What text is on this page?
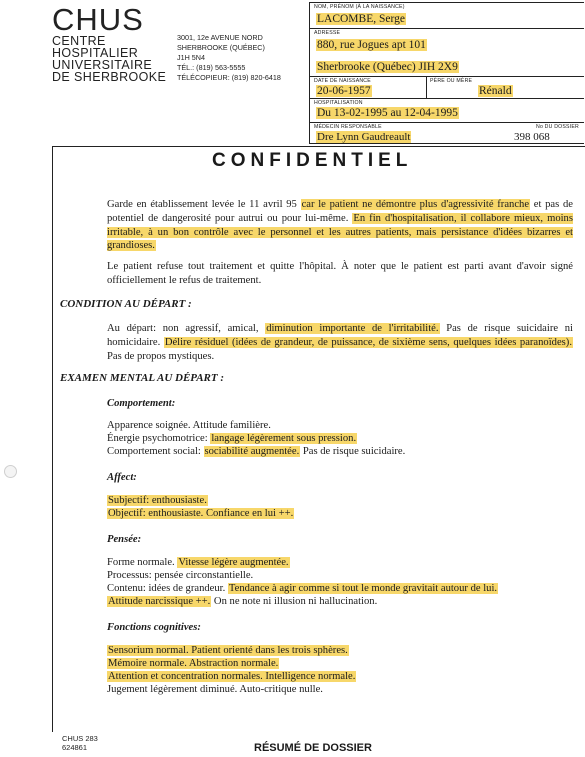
CHUS
CENTRE
HOSPITALIER
UNIVERSITAIRE
DE SHERBROOKE
3001, 12e AVENUE NORD
SHERBROOKE (QUÉBEC)
J1H 5N4
TÉL.: (819) 563-5555
TÉLÉCOPIEUR: (819) 820-6418
NOM, PRÉNOM (À LA NAISSANCE)
LACOMBE, Serge
ADRESSE
880, rue Jogues apt 101
Sherbrooke (Québec) JIH 2X9
DATE DE NAISSANCE	PÈRE OU MÈRE
20-06-1957	Rénald
HOSPITALISATION
Du 13-02-1995 au 12-04-1995
MÉDECIN RESPONSABLE	No DU DOSSIER
Dre Lynn Gaudreault	398 068
CONFIDENTIEL
Garde en établissement levée le 11 avril 95 car le patient ne démontre plus d'agressivité franche et pas de potentiel de dangerosité pour autrui ou pour lui-même. En fin d'hospitalisation, il collabore mieux, moins irritable, à un bon contrôle avec le personnel et les autres patients, mais persistance d'idées bizarres et grandioses.
Le patient refuse tout traitement et quitte l'hôpital. À noter que le patient est parti avant d'avoir signé officiellement le refus de traitement.
CONDITION AU DÉPART :
Au départ: non agressif, amical, diminution importante de l'irritabilité. Pas de risque suicidaire ni homicidaire. Délire résiduel (idées de grandeur, de puissance, de sixième sens, quelques idées paranoïdes). Pas de propos mystiques.
EXAMEN MENTAL AU DÉPART :
Comportement:
Apparence soignée. Attitude familière.
Énergie psychomotrice: langage légèrement sous pression.
Comportement social: sociabilité augmentée. Pas de risque suicidaire.
Affect:
Subjectif: enthousiaste.
Objectif: enthousiaste. Confiance en lui ++.
Pensée:
Forme normale. Vitesse légère augmentée.
Processus: pensée circonstantielle.
Contenu: idées de grandeur. Tendance à agir comme si tout le monde gravitait autour de lui.
Attitude narcissique ++. On ne note ni illusion ni hallucination.
Fonctions cognitives:
Sensorium normal. Patient orienté dans les trois sphères.
Mémoire normale. Abstraction normale.
Attention et concentration normales. Intelligence normale.
Jugement légèrement diminué. Auto-critique nulle.
CHUS 283
624861	RÉSUMÉ DE DOSSIER
